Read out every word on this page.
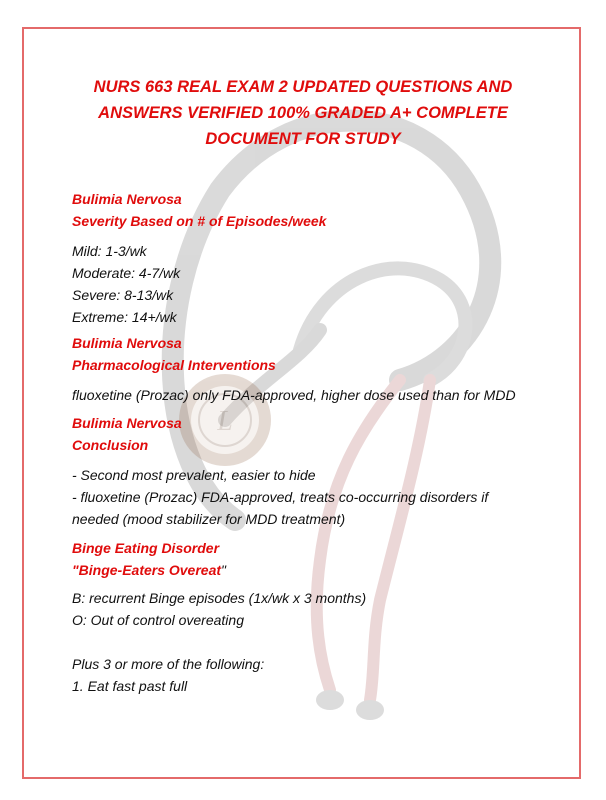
L
NURS 663 REAL EXAM 2 UPDATED QUESTIONS AND
ANSWERS VERIFIED 100% GRADED A+ COMPLETE
DOCUMENT FOR STUDY
Bulimia Nervosa
Severity Based on # of Episodes/week
Mild: 1-3/wk
Moderate: 4-7/wk
Severe: 8-13/wk
Extreme: 14+/wk
Bulimia Nervosa
Pharmacological Interventions
fluoxetine (Prozac) only FDA-approved, higher dose used than for MDD
Bulimia Nervosa
Conclusion
- Second most prevalent, easier to hide
- fluoxetine (Prozac) FDA-approved, treats co-occurring disorders if
needed (mood stabilizer for MDD treatment)
Binge Eating Disorder
"Binge-Eaters Overeat"
B: recurrent Binge episodes (1x/wk x 3 months)
O: Out of control overeating
Plus 3 or more of the following:
1. Eat fast past full
